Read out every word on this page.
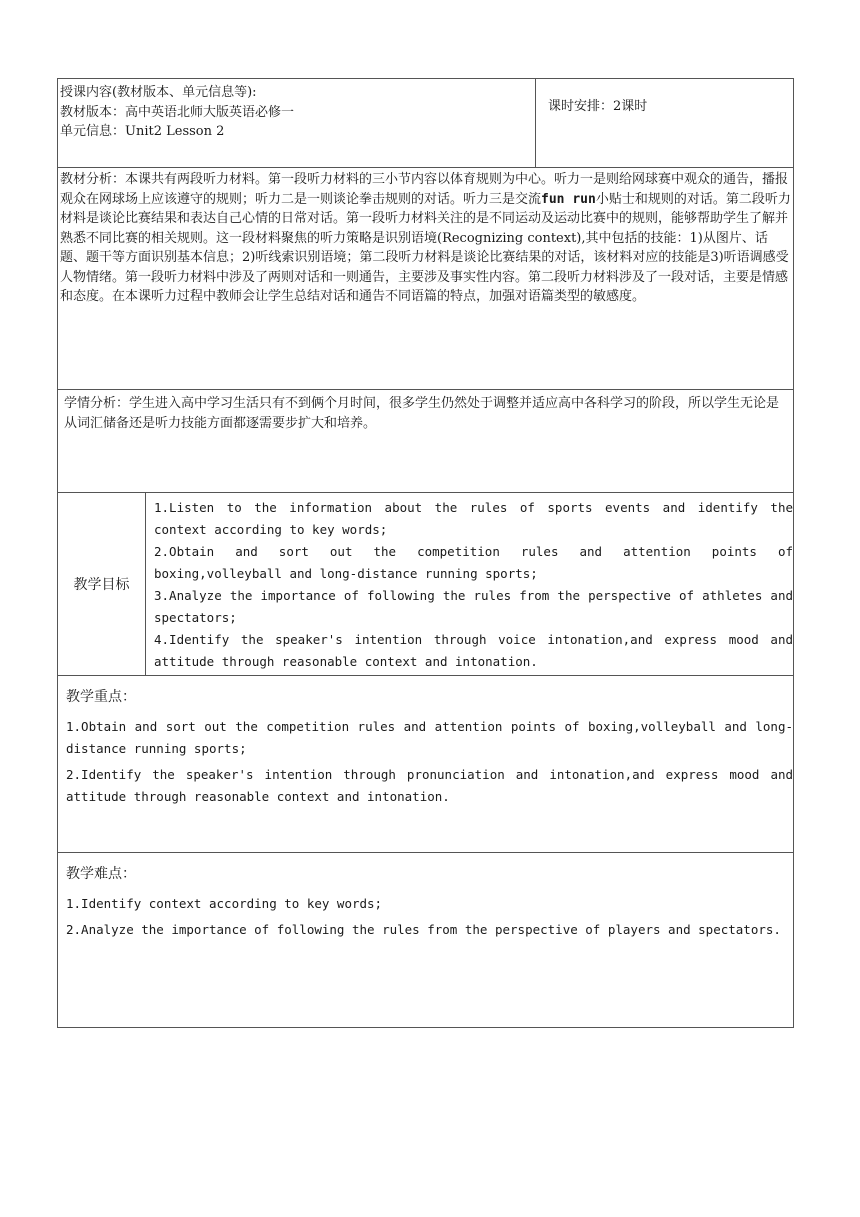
授课内容(教材版本、单元信息等):
教材版本：高中英语北师大版英语必修一
单元信息：Unit2 Lesson 2		课时安排：2课时
教材分析：本课共有两段听力材料。第一段听力材料的三小节内容以体育规则为中心。听力一是则给网球赛中观众的通告，播报观众在网球场上应该遵守的规则；听力二是一则谈论拳击规则的对话。听力三是交流fun run小贴士和规则的对话。第二段听力材料是谈论比赛结果和表达自己心情的日常对话。第一段听力材料关注的是不同运动及运动比赛中的规则，能够帮助学生了解并熟悉不同比赛的相关规则。这一段材料聚焦的听力策略是识别语境(Recognizing context),其中包括的技能：1)从图片、话题、题干等方面识别基本信息；2)听线索识别语境；第二段听力材料是谈论比赛结果的对话，该材料对应的技能是3)听语调感受人物情绪。第一段听力材料中涉及了两则对话和一则通告，主要涉及事实性内容。第二段听力材料涉及了一段对话，主要是情感和态度。在本课听力过程中教师会让学生总结对话和通告不同语篇的特点，加强对语篇类型的敏感度。		
学情分析：学生进入高中学习生活只有不到俩个月时间，很多学生仍然处于调整并适应高中各科学习的阶段，所以学生无论是从词汇储备还是听力技能方面都逐需要步扩大和培养。		
教学目标	1.Listen to the information about the rules of sports events and identify the context according to key words;

2.Obtain and sort out the competition rules and attention points of boxing,volleyball and long-distance running sports;

3.Analyze the importance of following the rules from the perspective of athletes and spectators;

4.Identify the speaker's intention through voice intonation,and express mood and attitude through reasonable context and intonation.	

教学重点：
1.Obtain and sort out the competition rules and attention points of boxing,volleyball and long-distance running sports;
2.Identify the speaker's intention through pronunciation and intonation,and express mood and attitude through reasonable context and intonation.		

教学难点：
1.Identify context according to key words;
2.Analyze the importance of following the rules from the perspective of players and spectators.		
